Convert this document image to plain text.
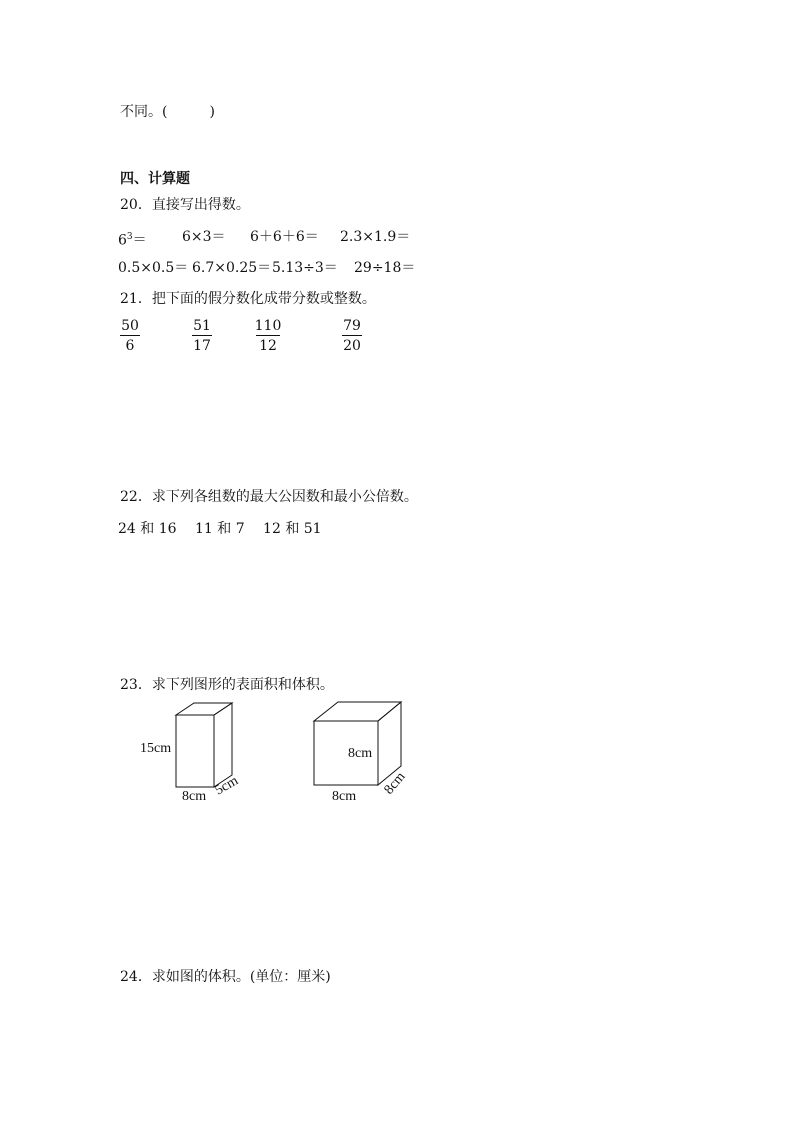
不同。(　　　)
四、计算题
20．直接写出得数。
$6^3=$	6×3＝ 6＋6＋6＝ 2.3×1.9＝
0.5×0.5＝ 6.7×0.25＝ 5.13÷3＝ 29÷18＝
21．把下面的假分数化成带分数或整数。
50
6
51
17
110
12
79
20
22．求下列各组数的最大公因数和最小公倍数。
24 和 16　 11 和 7　 12 和 51
23．求下列图形的表面积和体积。
15cm
8cm 5cm
8cm
8cm 8cm
24．求如图的体积。(单位：厘米)
